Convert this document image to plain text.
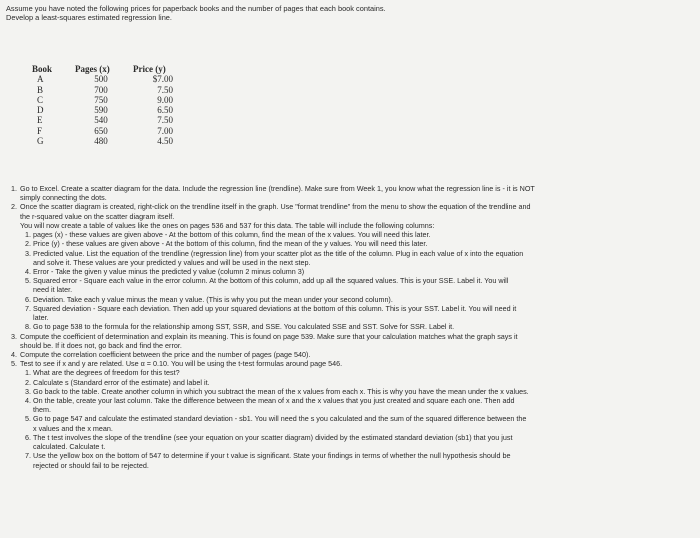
Assume you have noted the following prices for paperback books and the number of pages that each book contains.
Develop a least-squares estimated regression line.
Book	Pages (x)	Price (y)
A	500	$7.00
B	700	7.50
C	750	9.00
D	590	6.50
E	540	7.50
F	650	7.00
G	480	4.50
1. Go to Excel. Create a scatter diagram for the data. Include the regression line (trendline). Make sure from Week 1, you know what the regression line is - it is NOT
simply connecting the dots.
2. Once the scatter diagram is created, right-click on the trendline itself in the graph. Use "format trendline" from the menu to show the equation of the trendline and
the r-squared value on the scatter diagram itself.
You will now create a table of values like the ones on pages 536 and 537 for this data. The table will include the following columns:
1. pages (x) - these values are given above - At the bottom of this column, find the mean of the x values. You will need this later.
2. Price (y) - these values are given above - At the bottom of this column, find the mean of the y values. You will need this later.
3. Predicted value. List the equation of the trendline (regression line) from your scatter plot as the title of the column. Plug in each value of x into the equation
and solve it. These values are your predicted y values and will be used in the next step.
4. Error - Take the given y value minus the predicted y value (column 2 minus column 3)
5. Squared error - Square each value in the error column. At the bottom of this column, add up all the squared values. This is your SSE. Label it. You will
need it later.
6. Deviation. Take each y value minus the mean y value. (This is why you put the mean under your second column).
7. Squared deviation - Square each deviation. Then add up your squared deviations at the bottom of this column. This is your SST. Label it. You will need it
later.
8. Go to page 538 to the formula for the relationship among SST, SSR, and SSE. You calculated SSE and SST. Solve for SSR. Label it.
3. Compute the coefficient of determination and explain its meaning. This is found on page 539. Make sure that your calculation matches what the graph says it
should be. If it does not, go back and find the error.
4. Compute the correlation coefficient between the price and the number of pages (page 540).
5. Test to see if x and y are related. Use α = 0.10. You will be using the t-test formulas around page 546.
1. What are the degrees of freedom for this test?
2. Calculate s (Standard error of the estimate) and label it.
3. Go back to the table. Create another column in which you subtract the mean of the x values from each x. This is why you have the mean under the x values.
4. On the table, create your last column. Take the difference between the mean of x and the x values that you just created and square each one. Then add
them.
5. Go to page 547 and calculate the estimated standard deviation - sb1. You will need the s you calculated and the sum of the squared difference between the
x values and the x mean.
6. The t test involves the slope of the trendline (see your equation on your scatter diagram) divided by the estimated standard deviation (sb1) that you just
calculated. Calculate t.
7. Use the yellow box on the bottom of 547 to determine if your t value is significant. State your findings in terms of whether the null hypothesis should be
rejected or should fail to be rejected.
